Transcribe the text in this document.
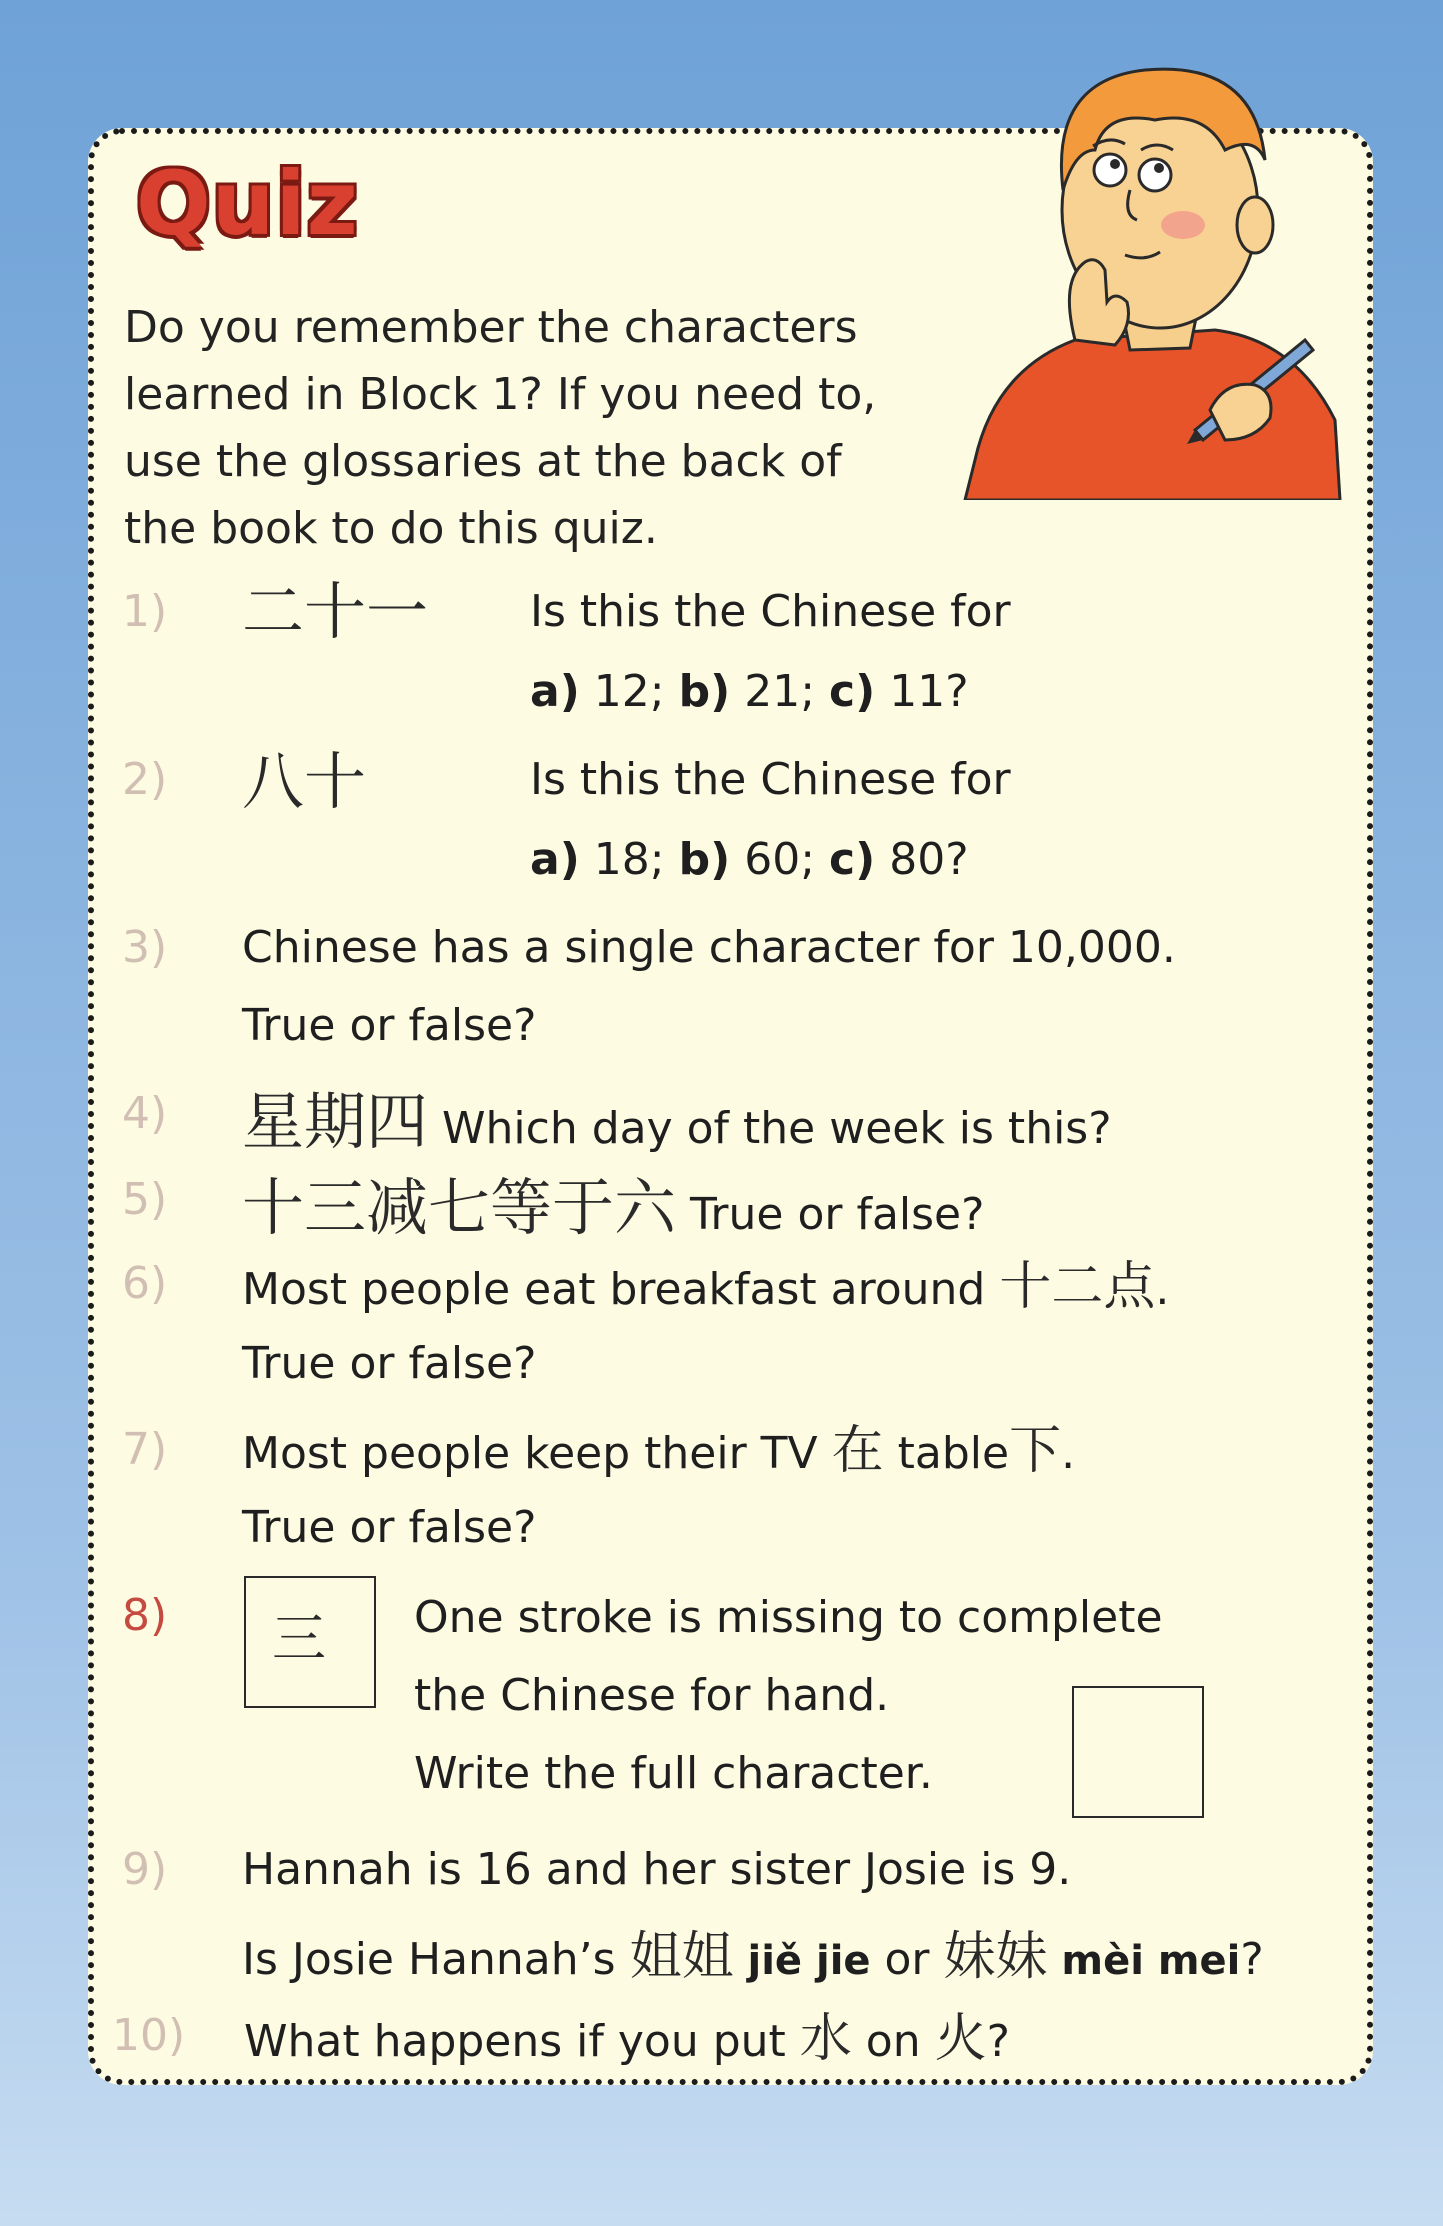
Quiz
Do you remember the characters
learned in Block 1? If you need to,
use the glossaries at the back of
the book to do this quiz.
1) 二十一 Is this the Chinese for
a) 12; b) 21; c) 11?
2) 八十	Is this the Chinese for
a) 18; b) 60; c) 80?
3) Chinese has a single character for 10,000.
True or false?
4) 星期四 Which day of the week is this?
5) 十三减七等于六 True or false?
6) Most people eat breakfast around 十二点.
True or false?
7) Most people keep their TV 在 table下.
True or false?
8) 三 One stroke is missing to complete
the Chinese for hand.
Write the full character.
9) Hannah is 16 and her sister Josie is 9.
Is Josie Hannah’s 姐姐 jiě jie or 妹妹 mèi mei?
10) What happens if you put 水 on 火?
